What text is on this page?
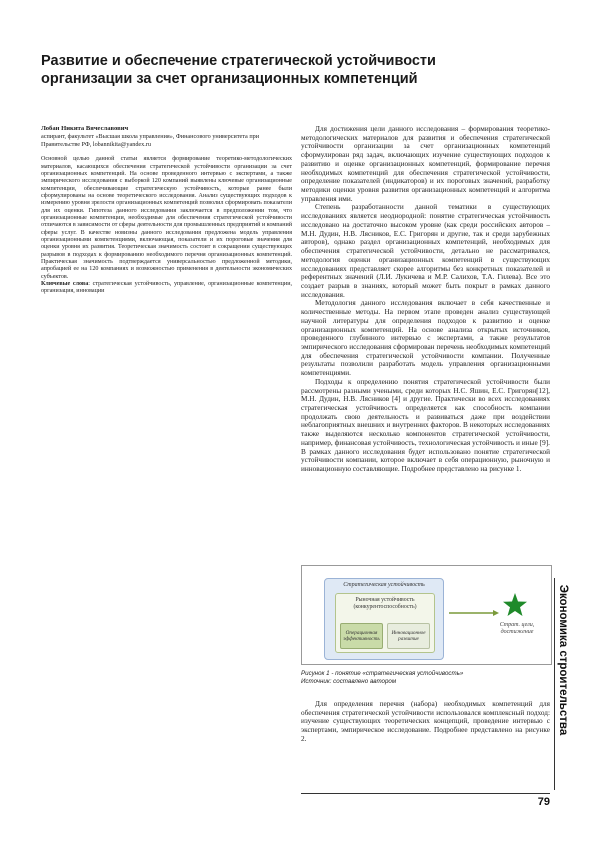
Развитие и обеспечение стратегической устойчивости организации за счет организационных компетенций
Лобан Никита Вячеславович
аспирант, факультет «Высшая школа управления», Финансового университета при Правительстве РФ, lobannikita@yandex.ru

Основной целью данной статьи является формирование теоретико-методологических материалов, касающихся обеспечения стратегической устойчивости организации за счет организационных компетенций. На основе проведенного интервью с экспертами, а также эмпирического исследования с выборкой 120 компаний выявлены ключевые организационные компетенции, обеспечивающие стратегическую устойчивость, которые ранее были сформулированы на основе теоретического исследования. Анализ существующих подходов к измерению уровня зрелости организационных компетенций позволил сформировать показатели для их оценки. Гипотеза данного исследования заключается в предположении том, что организационные компетенции, необходимые для обеспечения стратегической устойчивости отличаются в зависимости от сферы деятельности для промышленных предприятий и компаний сферы услуг. В качестве новизны данного исследования предложена модель управления организационными компетенциями, включающая, показатели и их пороговые значения для оценки уровня их развития. Теоретическая значимость состоит в сокращении существующих разрывов в подходах к формированию необходимого перечня организационных компетенций. Практическая значимость подтверждается универсальностью предложенной методики, апробацией ее на 120 компаниях и возможностью применения в деятельности экономических субъектов.

Ключевые слова: стратегическая устойчивость, управление, организационные компетенции, организация, инновации

Для достижения цели данного исследования – формирования теоретико-методологических материалов для развития и обеспечения стратегической устойчивости организации за счет организационных компетенций сформулирован ряд задач, включающих изучение существующих подходов к развитию и оценке организационных компетенций, формирование перечня необходимых компетенций для обеспечения стратегической устойчивости, определение показателей (индикаторов) и их пороговых значений, разработку методики оценки уровня развития организационных компетенций и алгоритма управления ими.

Степень разработанности данной тематики в существующих исследованиях является неоднородной: понятие стратегическая устойчивость исследовано на достаточно высоком уровне (как среди российских авторов – М.Н. Дудин, Н.В. Лясников, Е.С. Григорян и другие, так и среди зарубежных авторов), однако раздел организационных компетенций, необходимых для обеспечения стратегической устойчивости, детально не рассматривался, методология оценки организационных компетенций в существующих исследованиях представляет скорее алгоритмы без конкретных показателей и референтных значений (Л.И. Лукичева и М.Р. Салихов, Т.А. Гилева). Все это создает разрыв в знаниях, который может быть покрыт в рамках данного исследования.

Методология данного исследования включает в себя качественные и количественные методы. На первом этапе проведен анализ существующей научной литературы для определения подходов к развитию и оценке организационных компетенций. На основе анализа открытых источников, проведенного глубинного интервью с экспертами, а также результатов эмпирического исследования сформирован перечень необходимых компетенций для обеспечения стратегической устойчивости компании. Полученные результаты позволили разработать модель управления организационными компетенциями.

Подходы к определению понятия стратегической устойчивости были рассмотрены разными учеными, среди которых Н.С. Яшин, Е.С. Григорян[12], М.Н. Дудин, Н.В. Лясников [4] и другие. Практически во всех исследованиях стратегическая устойчивость определяется как способность компании продолжать свою деятельность и развиваться даже при воздействии неблагоприятных внешних и внутренних факторов. В некоторых исследованиях также выделяются несколько компонентов стратегической устойчивости, например, финансовая устойчивость, технологическая устойчивость и иные [9]. В рамках данного исследования будет использовано понятие стратегической устойчивости компании, которое включает в себя операционную, рыночную и инновационную составляющие. Подробнее представлено на рисунке 1.

Стратегическая устойчивость
Рыночная устойчивость (конкурентоспособность)
Операционная эффективность
Инновационное развитие
Страт. цели, достижение
Рисунок 1 - понятие «стратегическая устойчивость»
Источник: составлено автором

Для определения перечня (набора) необходимых компетенций для обеспечения стратегической устойчивости использовался комплексный подход: изучение существующих теоретических концепций, проведение интервью с экспертами, эмпирическое исследование. Подробнее представлено на рисунке 2.

79
Экономика строительства
